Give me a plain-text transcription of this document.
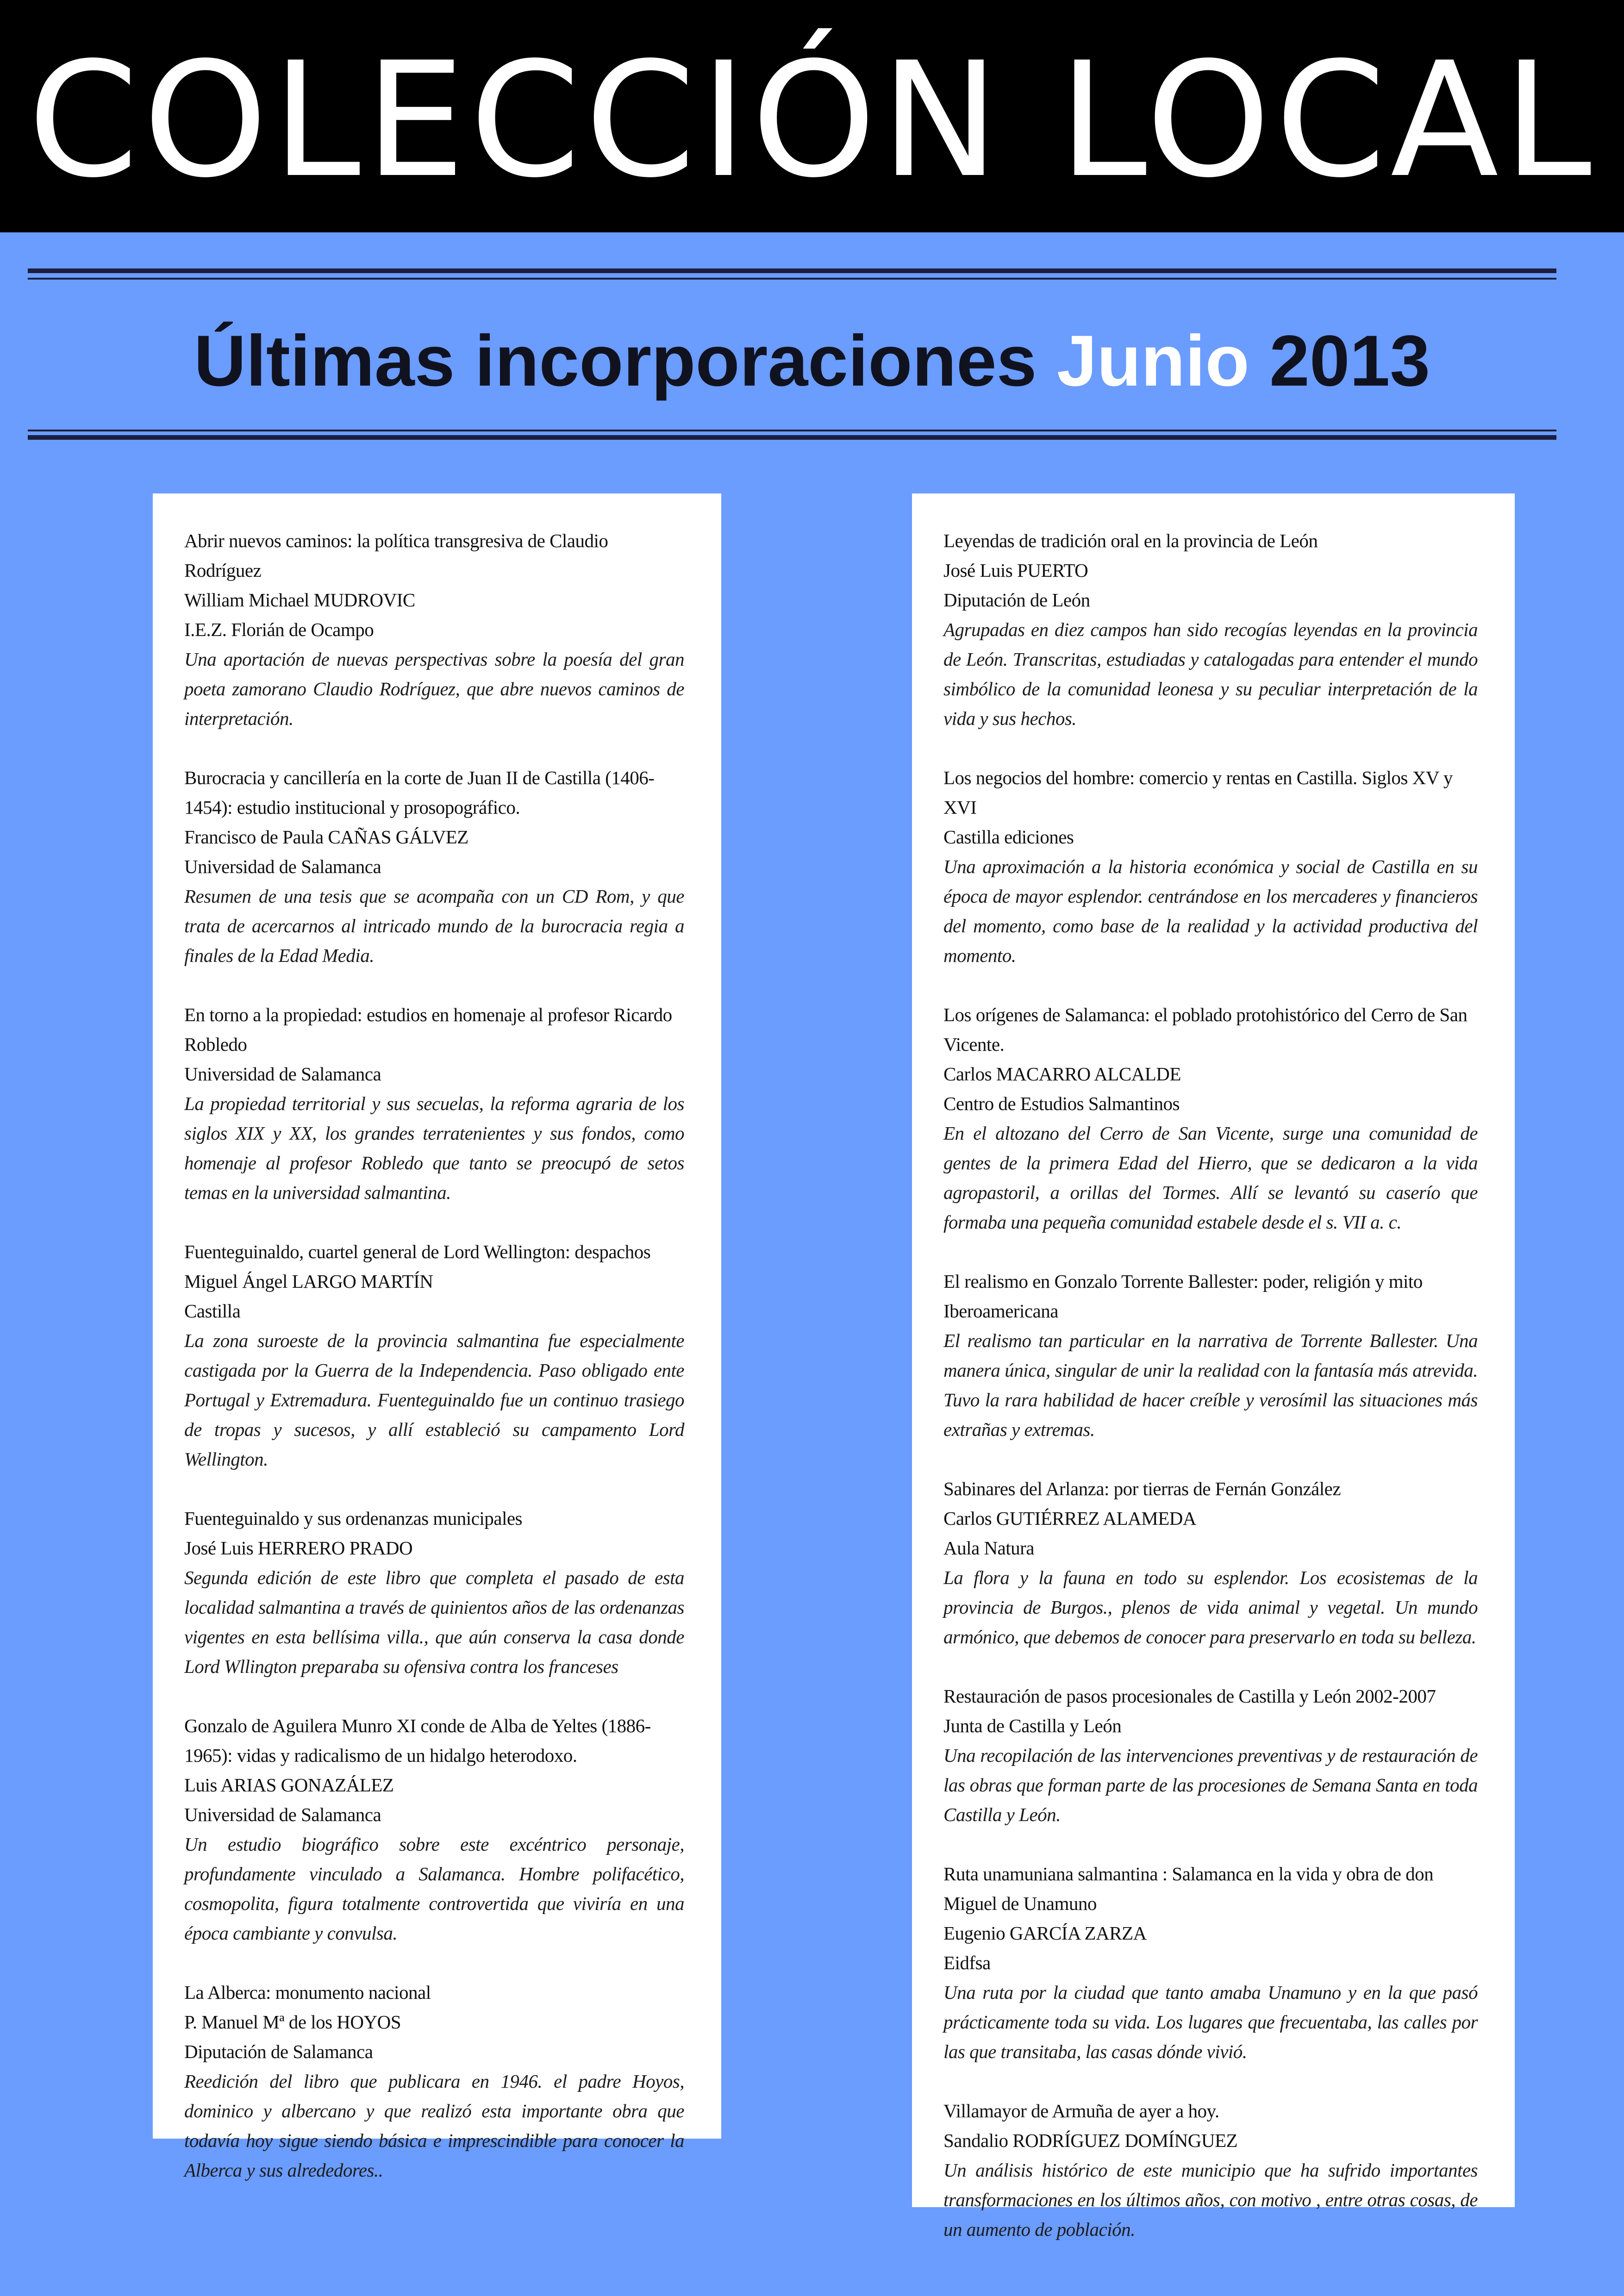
COLECCIÓN LOCAL
Últimas incorporaciones Junio 2013
Abrir nuevos caminos: la política transgresiva de Claudio Rodríguez
William Michael MUDROVIC
I.E.Z. Florián de Ocampo
Una aportación de nuevas perspectivas sobre la poesía del gran poeta zamorano Claudio Rodríguez, que abre nuevos caminos de interpretación.
Burocracia y cancillería en la corte de Juan II de Castilla (1406-1454): estudio institucional y prosopográfico.
Francisco de Paula CAÑAS GÁLVEZ
Universidad de Salamanca
Resumen de una tesis que se acompaña con un CD Rom, y que trata de acercarnos al intricado mundo de la burocracia regia a finales de la Edad Media.
En torno a la propiedad: estudios en homenaje al profesor Ricardo Robledo
Universidad de Salamanca
La propiedad territorial y sus secuelas, la reforma agraria de los siglos XIX y XX, los grandes terratenientes y sus fondos, como homenaje al profesor Robledo que tanto se preocupó de setos temas en la universidad salmantina.
Fuenteguinaldo, cuartel general de Lord Wellington: despachos
Miguel Ángel LARGO MARTÍN
Castilla
La zona suroeste de la provincia salmantina fue especialmente castigada por la Guerra de la Independencia. Paso obligado ente Portugal y Extremadura. Fuenteguinaldo fue un continuo trasiego de tropas y sucesos, y allí estableció su campamento Lord Wellington.
Fuenteguinaldo y sus ordenanzas municipales
José Luis HERRERO PRADO
Segunda edición de este libro que completa el pasado de esta localidad salmantina a través de quinientos años de las ordenanzas vigentes en esta bellísima villa., que aún conserva la casa donde Lord Wllington preparaba su ofensiva contra los franceses
Gonzalo de Aguilera Munro XI conde de Alba de Yeltes (1886-1965): vidas y radicalismo de un hidalgo heterodoxo.
Luis ARIAS GONAZÁLEZ
Universidad de Salamanca
Un estudio biográfico sobre este excéntrico personaje, profundamente vinculado a Salamanca. Hombre polifacético, cosmopolita, figura totalmente controvertida que viviría en una época cambiante y convulsa.
La Alberca: monumento nacional
P. Manuel Mª de los HOYOS
Diputación de Salamanca
Reedición del libro que publicara en 1946. el padre Hoyos, dominico y albercano y que realizó esta importante obra que todavía hoy sigue siendo básica e imprescindible para conocer la Alberca y sus alrededores..
Leyendas de tradición oral en la provincia de León
José Luis PUERTO
Diputación de León
Agrupadas en diez campos han sido recogías leyendas en la provincia de León. Transcritas, estudiadas y catalogadas para entender el mundo simbólico de la comunidad leonesa y su peculiar interpretación de la vida y sus hechos.
Los negocios del hombre: comercio y rentas en Castilla. Siglos XV y XVI
Castilla ediciones
Una aproximación a la historia económica y social de Castilla en su época de mayor esplendor. centrándose en los mercaderes y financieros del momento, como base de la realidad y la actividad productiva del momento.
Los orígenes de Salamanca: el poblado protohistórico del Cerro de San Vicente.
Carlos MACARRO ALCALDE
Centro de Estudios Salmantinos
En el altozano del Cerro de San Vicente, surge una comunidad de gentes de la primera Edad del Hierro, que se dedicaron a la vida agropastoril, a orillas del Tormes. Allí se levantó su caserío que formaba una pequeña comunidad estabele desde el s. VII a. c.
El realismo en Gonzalo Torrente Ballester: poder, religión y mito Iberoamericana
El realismo tan particular en la narrativa de Torrente Ballester. Una manera única, singular de unir la realidad con la fantasía más atrevida. Tuvo la rara habilidad de hacer creíble y verosímil las situaciones más extrañas y extremas.
Sabinares del Arlanza: por tierras de Fernán González
Carlos GUTIÉRREZ ALAMEDA
Aula Natura
La flora y la fauna en todo su esplendor. Los ecosistemas de la provincia de Burgos., plenos de vida animal y vegetal. Un mundo armónico, que debemos de conocer para preservarlo en toda su belleza.
Restauración de pasos procesionales de Castilla y León 2002-2007
Junta de Castilla y León
Una recopilación de las intervenciones preventivas y de restauración de las obras que forman parte de las procesiones de Semana Santa en toda Castilla y León.
Ruta unamuniana salmantina : Salamanca en la vida y obra de don Miguel de Unamuno
Eugenio GARCÍA ZARZA
Eidfsa
Una ruta por la ciudad que tanto amaba Unamuno y en la que pasó prácticamente toda su vida. Los lugares que frecuentaba, las calles por las que transitaba, las casas dónde vivió.
Villamayor de Armuña de ayer a hoy.
Sandalio RODRÍGUEZ DOMÍNGUEZ
Un análisis histórico de este municipio que ha sufrido importantes transformaciones en los últimos años, con motivo , entre otras cosas, de un aumento de población.
